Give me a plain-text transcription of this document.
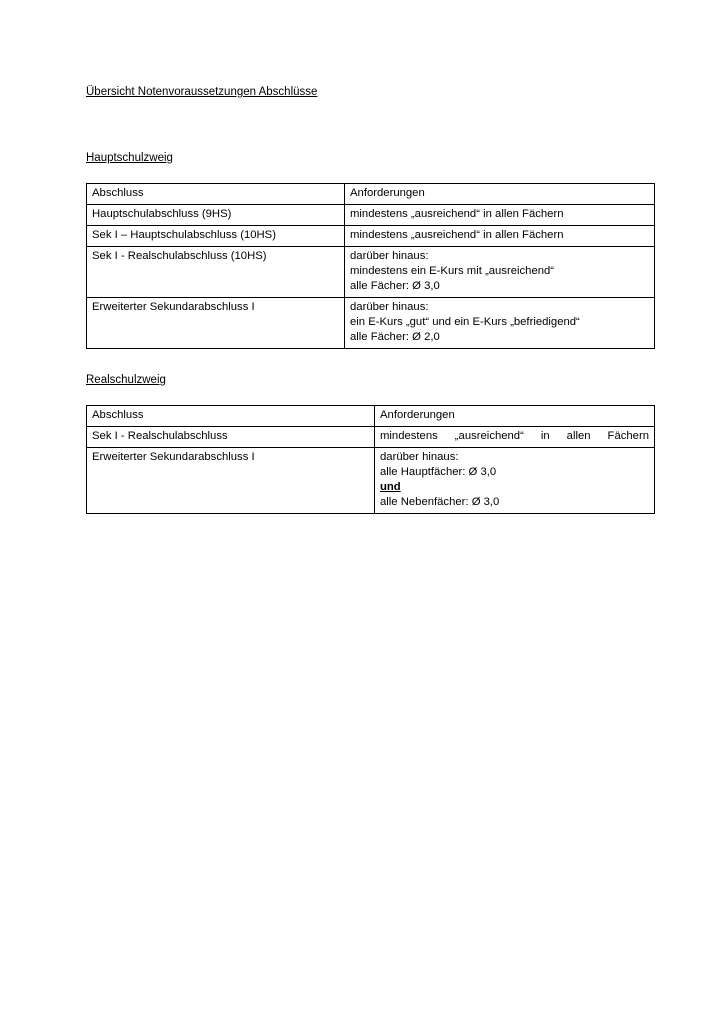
Übersicht Notenvoraussetzungen Abschlüsse
Hauptschulzweig
Abschluss	Anforderungen
Hauptschulabschluss (9HS)	mindestens „ausreichend“ in allen Fächern

Sek I – Hauptschulabschluss (10HS)	mindestens „ausreichend“ in allen Fächern

Sek I - Realschulabschluss (10HS)	darüber hinaus:
mindestens ein E-Kurs mit „ausreichend“
alle Fächer: Ø 3,0

Erweiterter Sekundarabschluss I	darüber hinaus:
ein E-Kurs „gut“ und ein E-Kurs „befriedigend“
alle Fächer: Ø 2,0
Realschulzweig
Abschluss	Anforderungen
Sek I - Realschulabschluss	mindestens „ausreichend“ in allen Fächern

Erweiterter Sekundarabschluss I	darüber hinaus:
alle Hauptfächer: Ø 3,0
und
alle Nebenfächer: Ø 3,0
